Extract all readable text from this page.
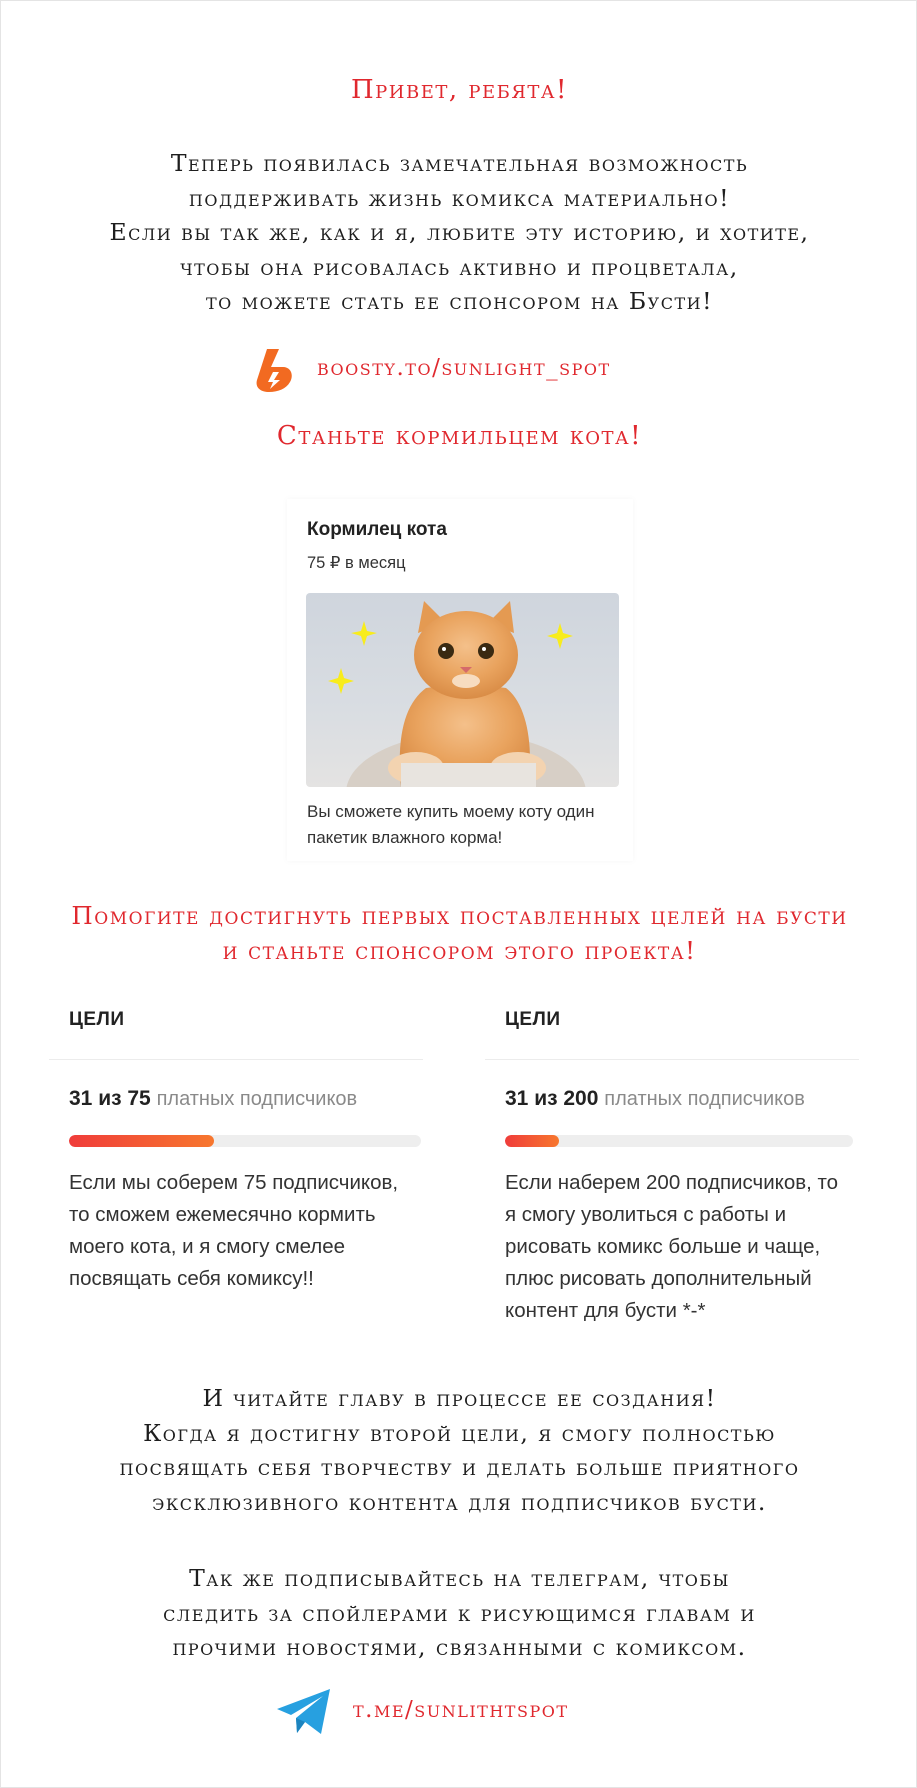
Привет, ребята!
Теперь появилась замечательная возможность
поддерживать жизнь комикса материально!
Если вы так же, как и я, любите эту историю, и хотите,
чтобы она рисовалась активно и процветала,
то можете стать ее спонсором на Бусти!
boosty.to/sunlight_spot
Станьте кормильцем кота!
Кормилец кота
75 ₽ в месяц
Вы сможете купить моему коту один пакетик влажного корма!
Помогите достигнуть первых поставленных целей на бусти
и станьте спонсором этого проекта!
ЦЕЛИ
31 из 75 платных подписчиков
Если мы соберем 75 подписчиков, то сможем ежемесячно кормить моего кота, и я смогу смелее посвящать себя комиксу!!
ЦЕЛИ
31 из 200 платных подписчиков
Если наберем 200 подписчиков, то я смогу уволиться с работы и рисовать комикс больше и чаще, плюс рисовать дополнительный контент для бусти *-*
И читайте главу в процессе ее создания!
Когда я достигну второй цели, я смогу полностью
посвящать себя творчеству и делать больше приятного
эксклюзивного контента для подписчиков бусти.
Так же подписывайтесь на телеграм, чтобы
следить за спойлерами к рисующимся главам и
прочими новостями, связанными с комиксом.
t.me/sunlithtspot
